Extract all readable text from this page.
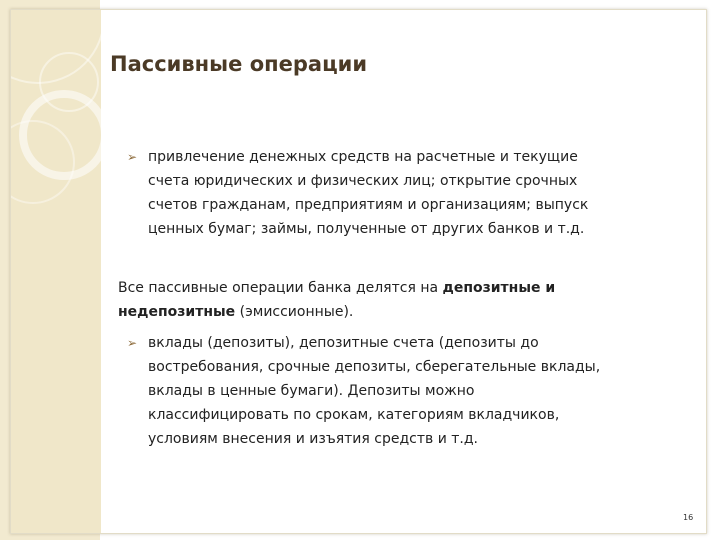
Пассивные операции
➢ привлечение денежных средств на расчетные и текущие
счета юридических и физических лиц; открытие срочных
счетов гражданам, предприятиям и организациям; выпуск
ценных бумаг; займы, полученные от других банков и т.д.
Все пассивные операции банка делятся на депозитные и
недепозитные (эмиссионные).
➢ вклады (депозиты), депозитные счета (депозиты до
востребования, срочные депозиты, сберегательные вклады,
вклады в ценные бумаги). Депозиты можно
классифицировать по срокам, категориям вкладчиков,
условиям внесения и изъятия средств и т.д.
16
